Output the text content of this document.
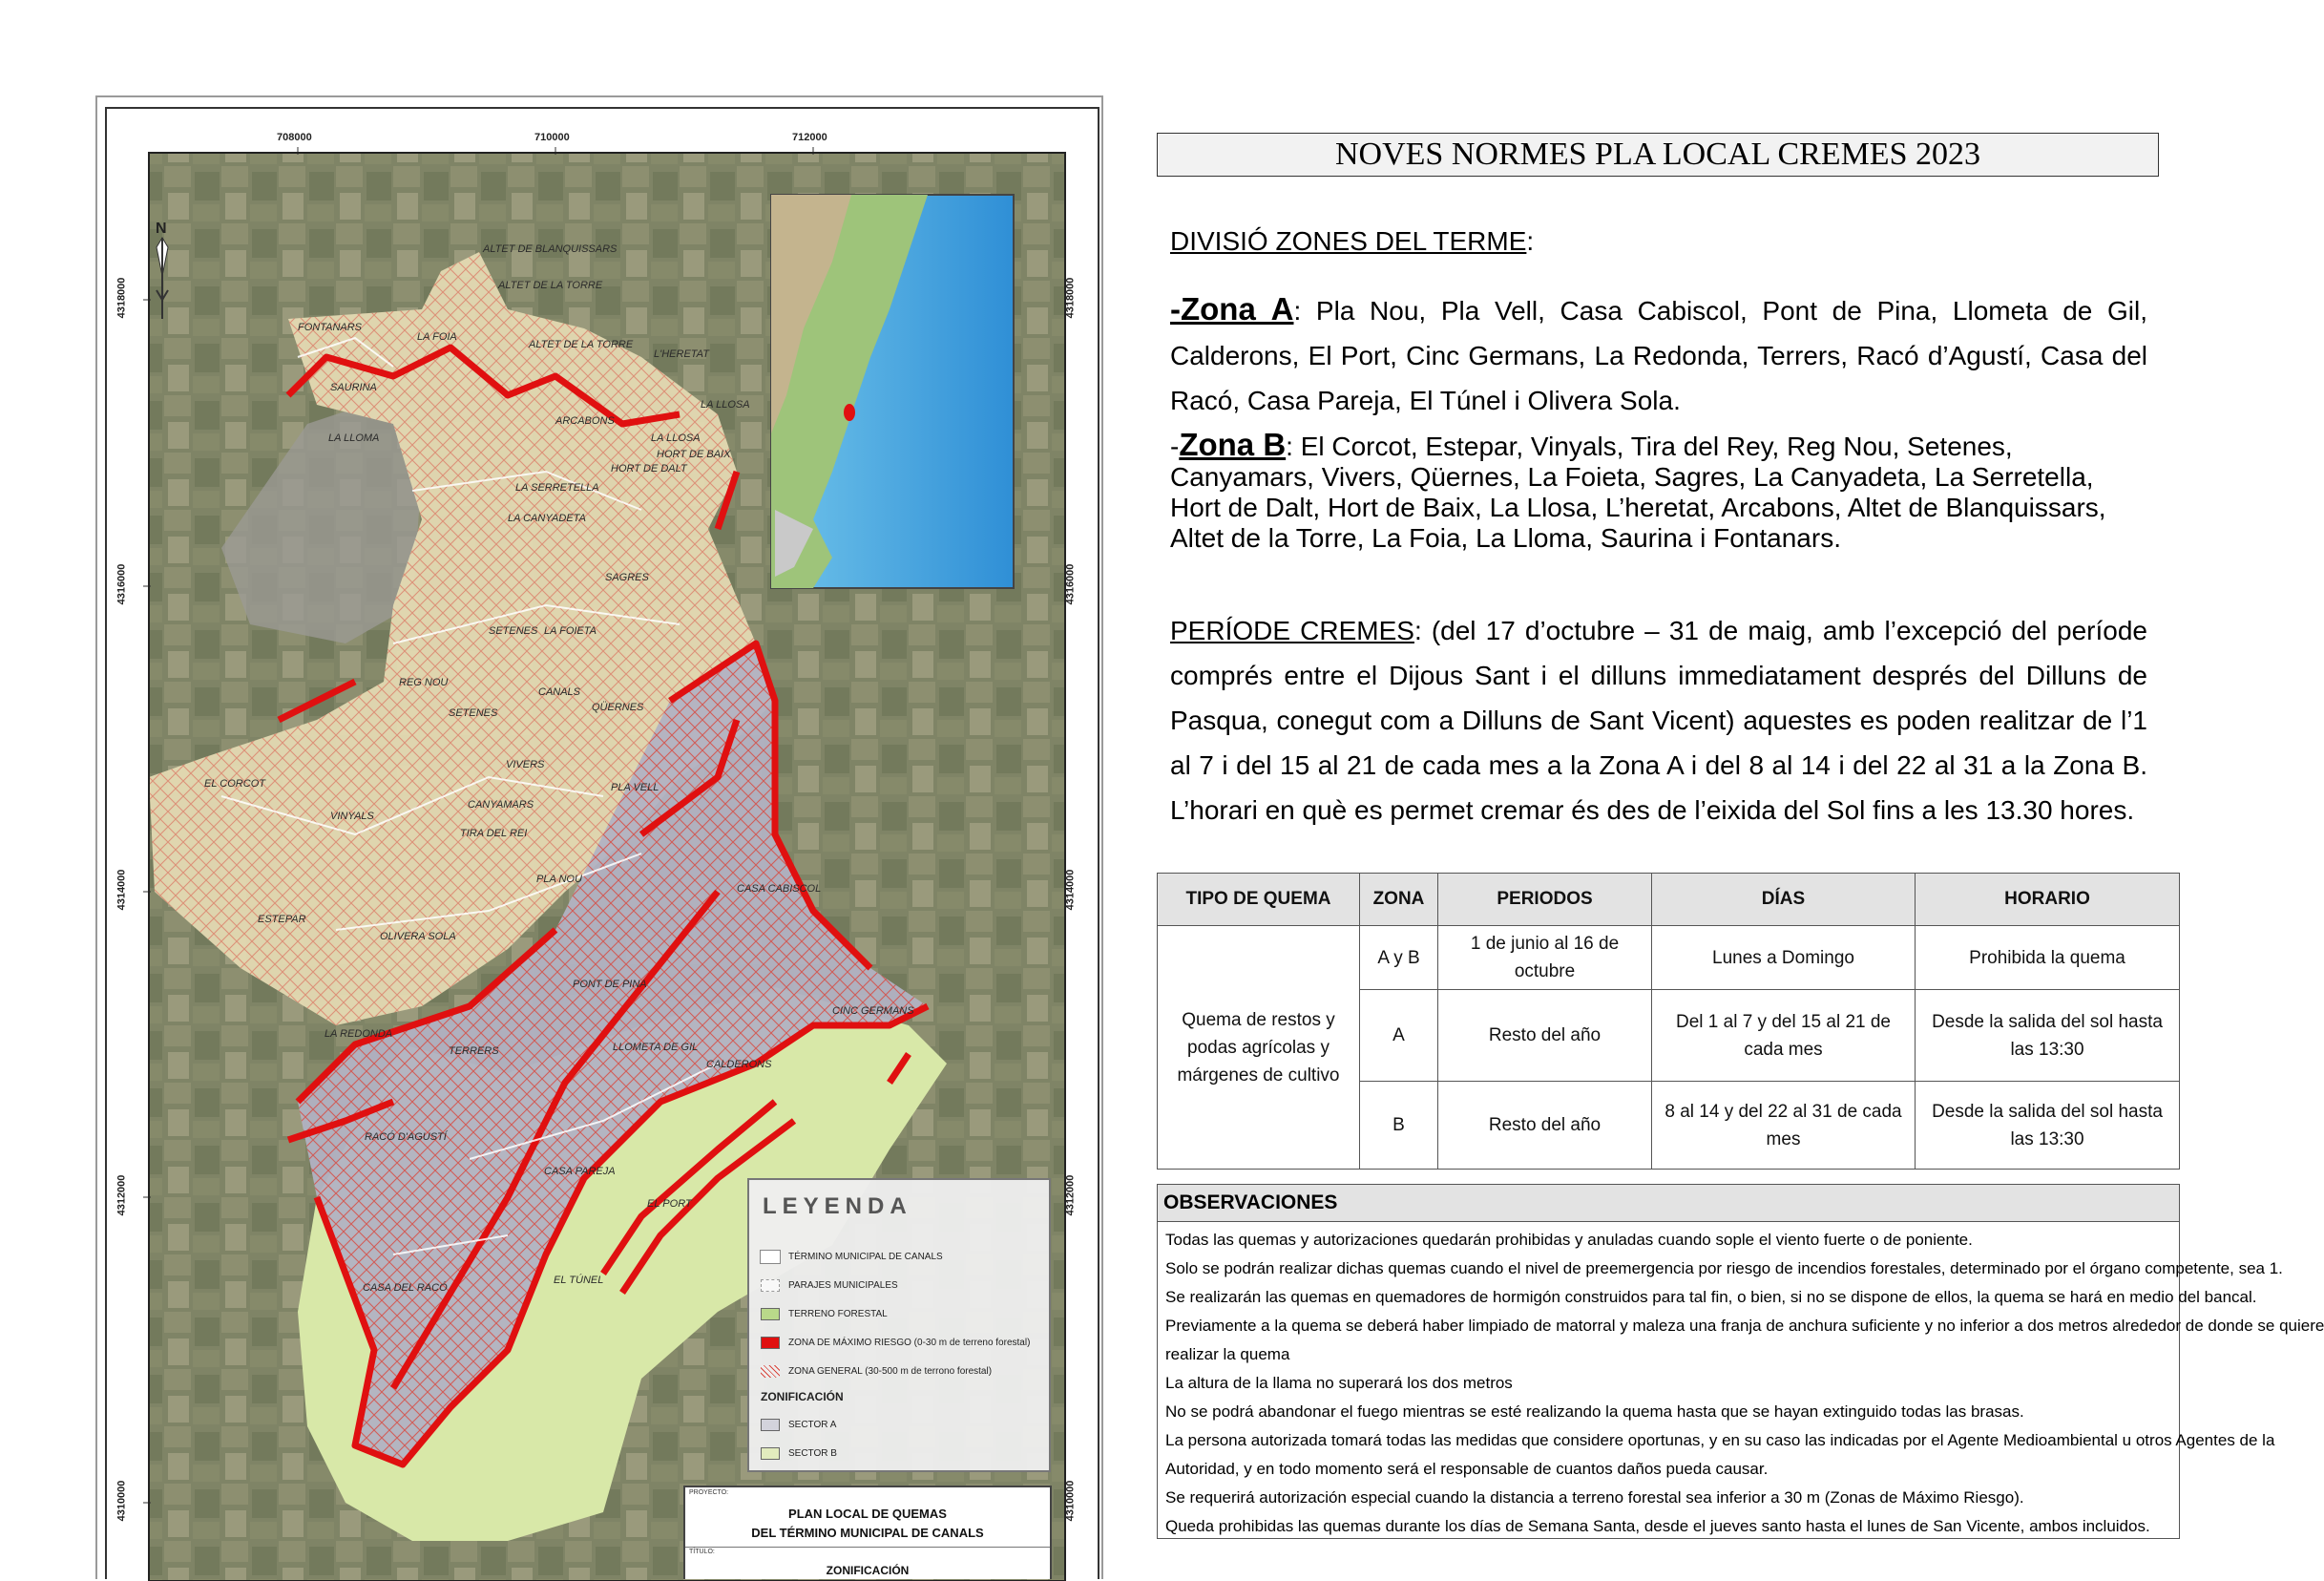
N
ALTET DE BLANQUISSARS
ALTET DE LA TORRE
FONTANARS
LA FOIA
ALTET DE LA TORRE
L'HERETAT
SAURINA
LA LLOSA
ARCABONS
LA LLOMA	LA LLOSA
HORT DE BAIX
HORT DE DALT
LA SERRETELLA
LA CANYADETA
SAGRES
SETENES LA FOIETA
REG NOU
CANALS
SETENES	QÜERNES
EL CORCOT
VIVERS
PLA VELL
CANYAMARS
VINYALS
TIRA DEL REI
PLA NOU
CASA CABISCOL
ESTEPAR
OLIVERA SOLA
PONT DE PINA
CINC GERMANS
LA REDONDA
TERRERS	LLOMETA DE GIL
CALDERONS
RACÓ D'AGUSTÍ
CASA PAREJA
EL PORT
CASA DEL RACÓ
EL TÚNEL
708000	710000	712000
4318000
4316000
4314000
4312000
4310000
4318000
4316000
4314000
4312000
4310000
LEYENDA
TÉRMINO MUNICIPAL DE CANALS
PARAJES MUNICIPALES
TERRENO FORESTAL
ZONA DE MÁXIMO RIESGO (0-30 m de terreno forestal)
ZONA GENERAL (30-500 m de terrono forestal)
ZONIFICACIÓN
SECTOR A
SECTOR B
PROYECTO:
PLAN LOCAL DE QUEMAS
DEL TÉRMINO MUNICIPAL DE CANALS
TÍTULO:
ZONIFICACIÓN
NOVES NORMES PLA LOCAL CREMES 2023
DIVISIÓ ZONES DEL TERME:
-Zona A: Pla Nou, Pla Vell, Casa Cabiscol, Pont de Pina, Llometa de Gil, Calderons, El Port, Cinc Germans, La Redonda, Terrers, Racó d’Agustí, Casa del Racó, Casa Pareja, El Túnel i Olivera Sola.
-Zona B: El Corcot, Estepar, Vinyals, Tira del Rey, Reg Nou, Setenes, Canyamars, Vivers, Qüernes, La Foieta, Sagres, La Canyadeta, La Serretella, Hort de Dalt, Hort de Baix, La Llosa, L’heretat, Arcabons, Altet de Blanquissars, Altet de la Torre, La Foia, La Lloma, Saurina i Fontanars.
PERÍODE CREMES: (del 17 d’octubre – 31 de maig, amb l’excepció del període comprés entre el Dijous Sant i el dilluns immediatament després del Dilluns de Pasqua, conegut com a Dilluns de Sant Vicent) aquestes es poden realitzar de l’1 al 7 i del 15 al 21 de cada mes a la Zona A i del 8 al 14 i del 22 al 31 a la Zona B. L’horari en què es permet cremar és des de l’eixida del Sol fins a les 13.30 hores.
TIPO DE QUEMA	ZONA	PERIODOS	DÍAS	HORARIO
Quema de restos y podas agrícolas y márgenes de cultivo	A y B	1 de junio al 16 de octubre	Lunes a Domingo	Prohibida la quema
	A	Resto del año	Del 1 al 7 y del 15 al 21 de cada mes	Desde la salida del sol hasta las 13:30
	B	Resto del año	8 al 14 y del 22 al 31 de cada mes	Desde la salida del sol hasta las 13:30
OBSERVACIONES
Todas las quemas y autorizaciones quedarán prohibidas y anuladas cuando sople el viento fuerte o de poniente.
Solo se podrán realizar dichas quemas cuando el nivel de preemergencia por riesgo de incendios forestales, determinado por el órgano competente, sea 1.
Se realizarán las quemas en quemadores de hormigón construidos para tal fin, o bien, si no se dispone de ellos, la quema se hará en medio del bancal.
Previamente a la quema se deberá haber limpiado de matorral y maleza una franja de anchura suficiente y no inferior a dos metros alrededor de donde se quiere
realizar la quema
La altura de la llama no superará los dos metros
No se podrá abandonar el fuego mientras se esté realizando la quema hasta que se hayan extinguido todas las brasas.
La persona autorizada tomará todas las medidas que considere oportunas, y en su caso las indicadas por el Agente Medioambiental u otros Agentes de la
Autoridad, y en todo momento será el responsable de cuantos daños pueda causar.
Se requerirá autorización especial cuando la distancia a terreno forestal sea inferior a 30 m (Zonas de Máximo Riesgo).
Queda prohibidas las quemas durante los días de Semana Santa, desde el jueves santo hasta el lunes de San Vicente, ambos incluidos.
